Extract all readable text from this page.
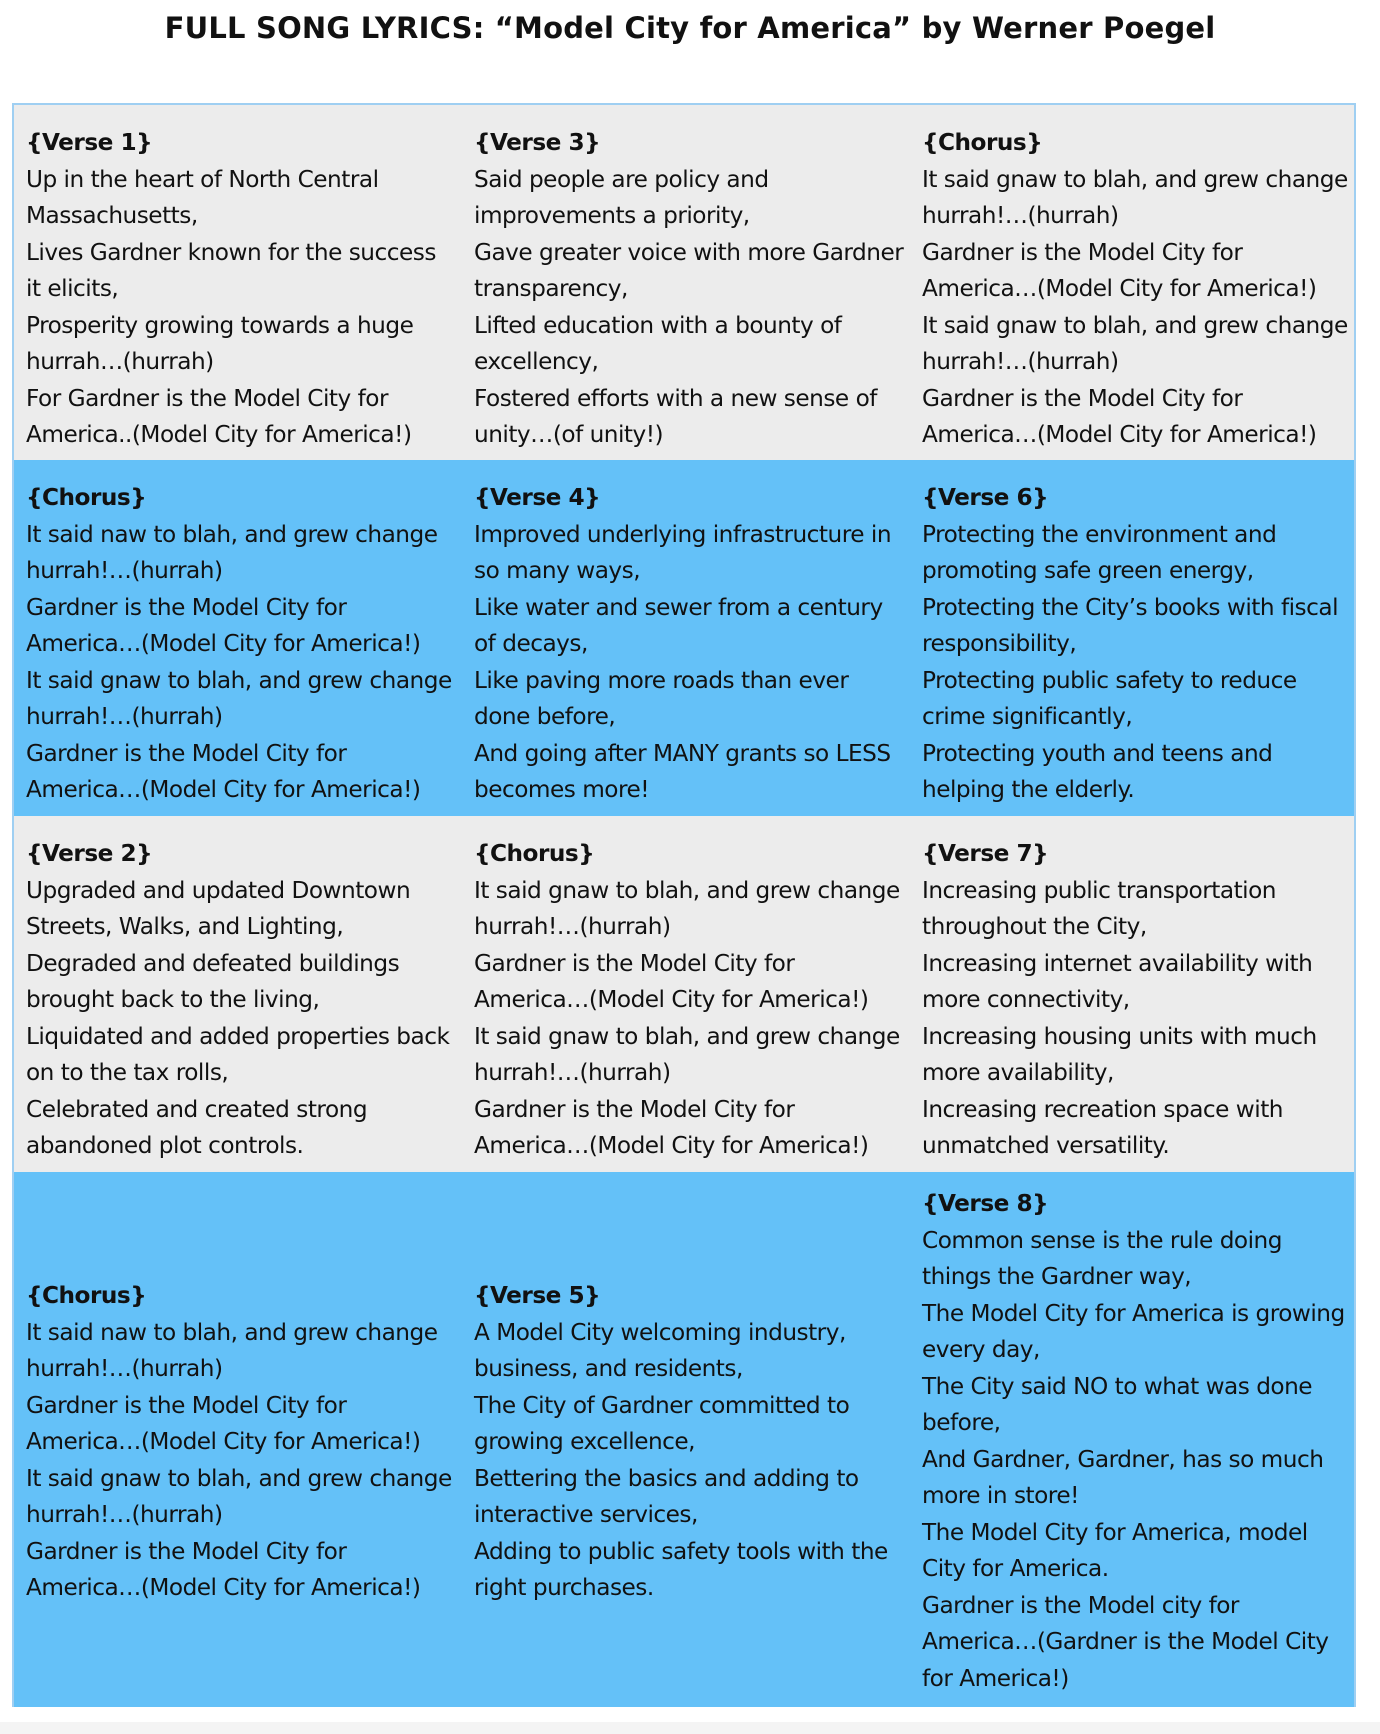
FULL SONG LYRICS: “Model City for America” by Werner Poegel
{Verse 1}
Up in the heart of North Central Massachusetts,
Lives Gardner known for the success it elicits,
Prosperity growing towards a huge hurrah…(hurrah)
For Gardner is the Model City for America..(Model City for America!)
{Verse 3}
Said people are policy and improvements a priority,
Gave greater voice with more Gardner transparency,
Lifted education with a bounty of excellency,
Fostered efforts with a new sense of unity…(of unity!)
{Chorus}
It said gnaw to blah, and grew change hurrah!…(hurrah)
Gardner is the Model City for America…(Model City for America!)
It said gnaw to blah, and grew change hurrah!…(hurrah)
Gardner is the Model City for America…(Model City for America!)
{Chorus}
It said naw to blah, and grew change hurrah!…(hurrah)
Gardner is the Model City for America…(Model City for America!)
It said gnaw to blah, and grew change hurrah!…(hurrah)
Gardner is the Model City for America…(Model City for America!)
{Verse 4}
Improved underlying infrastructure in so many ways,
Like water and sewer from a century of decays,
Like paving more roads than ever done before,
And going after MANY grants so LESS becomes more!
{Verse 6}
Protecting the environment and promoting safe green energy,
Protecting the City’s books with fiscal responsibility,
Protecting public safety to reduce crime significantly,
Protecting youth and teens and helping the elderly.
{Verse 2}
Upgraded and updated Downtown Streets, Walks, and Lighting,
Degraded and defeated buildings brought back to the living,
Liquidated and added properties back on to the tax rolls,
Celebrated and created strong abandoned plot controls.
{Chorus}
It said gnaw to blah, and grew change hurrah!…(hurrah)
Gardner is the Model City for America…(Model City for America!)
It said gnaw to blah, and grew change hurrah!…(hurrah)
Gardner is the Model City for America…(Model City for America!)
{Verse 7}
Increasing public transportation throughout the City,
Increasing internet availability with more connectivity,
Increasing housing units with much more availability,
Increasing recreation space with unmatched versatility.
{Chorus}
It said naw to blah, and grew change hurrah!…(hurrah)
Gardner is the Model City for America…(Model City for America!)
It said gnaw to blah, and grew change hurrah!…(hurrah)
Gardner is the Model City for America…(Model City for America!)
{Verse 5}
A Model City welcoming industry, business, and residents,
The City of Gardner committed to growing excellence,
Bettering the basics and adding to interactive services,
Adding to public safety tools with the right purchases.
{Verse 8}
Common sense is the rule doing things the Gardner way,
The Model City for America is growing every day,
The City said NO to what was done before,
And Gardner, Gardner, has so much more in store!
The Model City for America, model City for America.
Gardner is the Model city for America…(Gardner is the Model City for America!)
